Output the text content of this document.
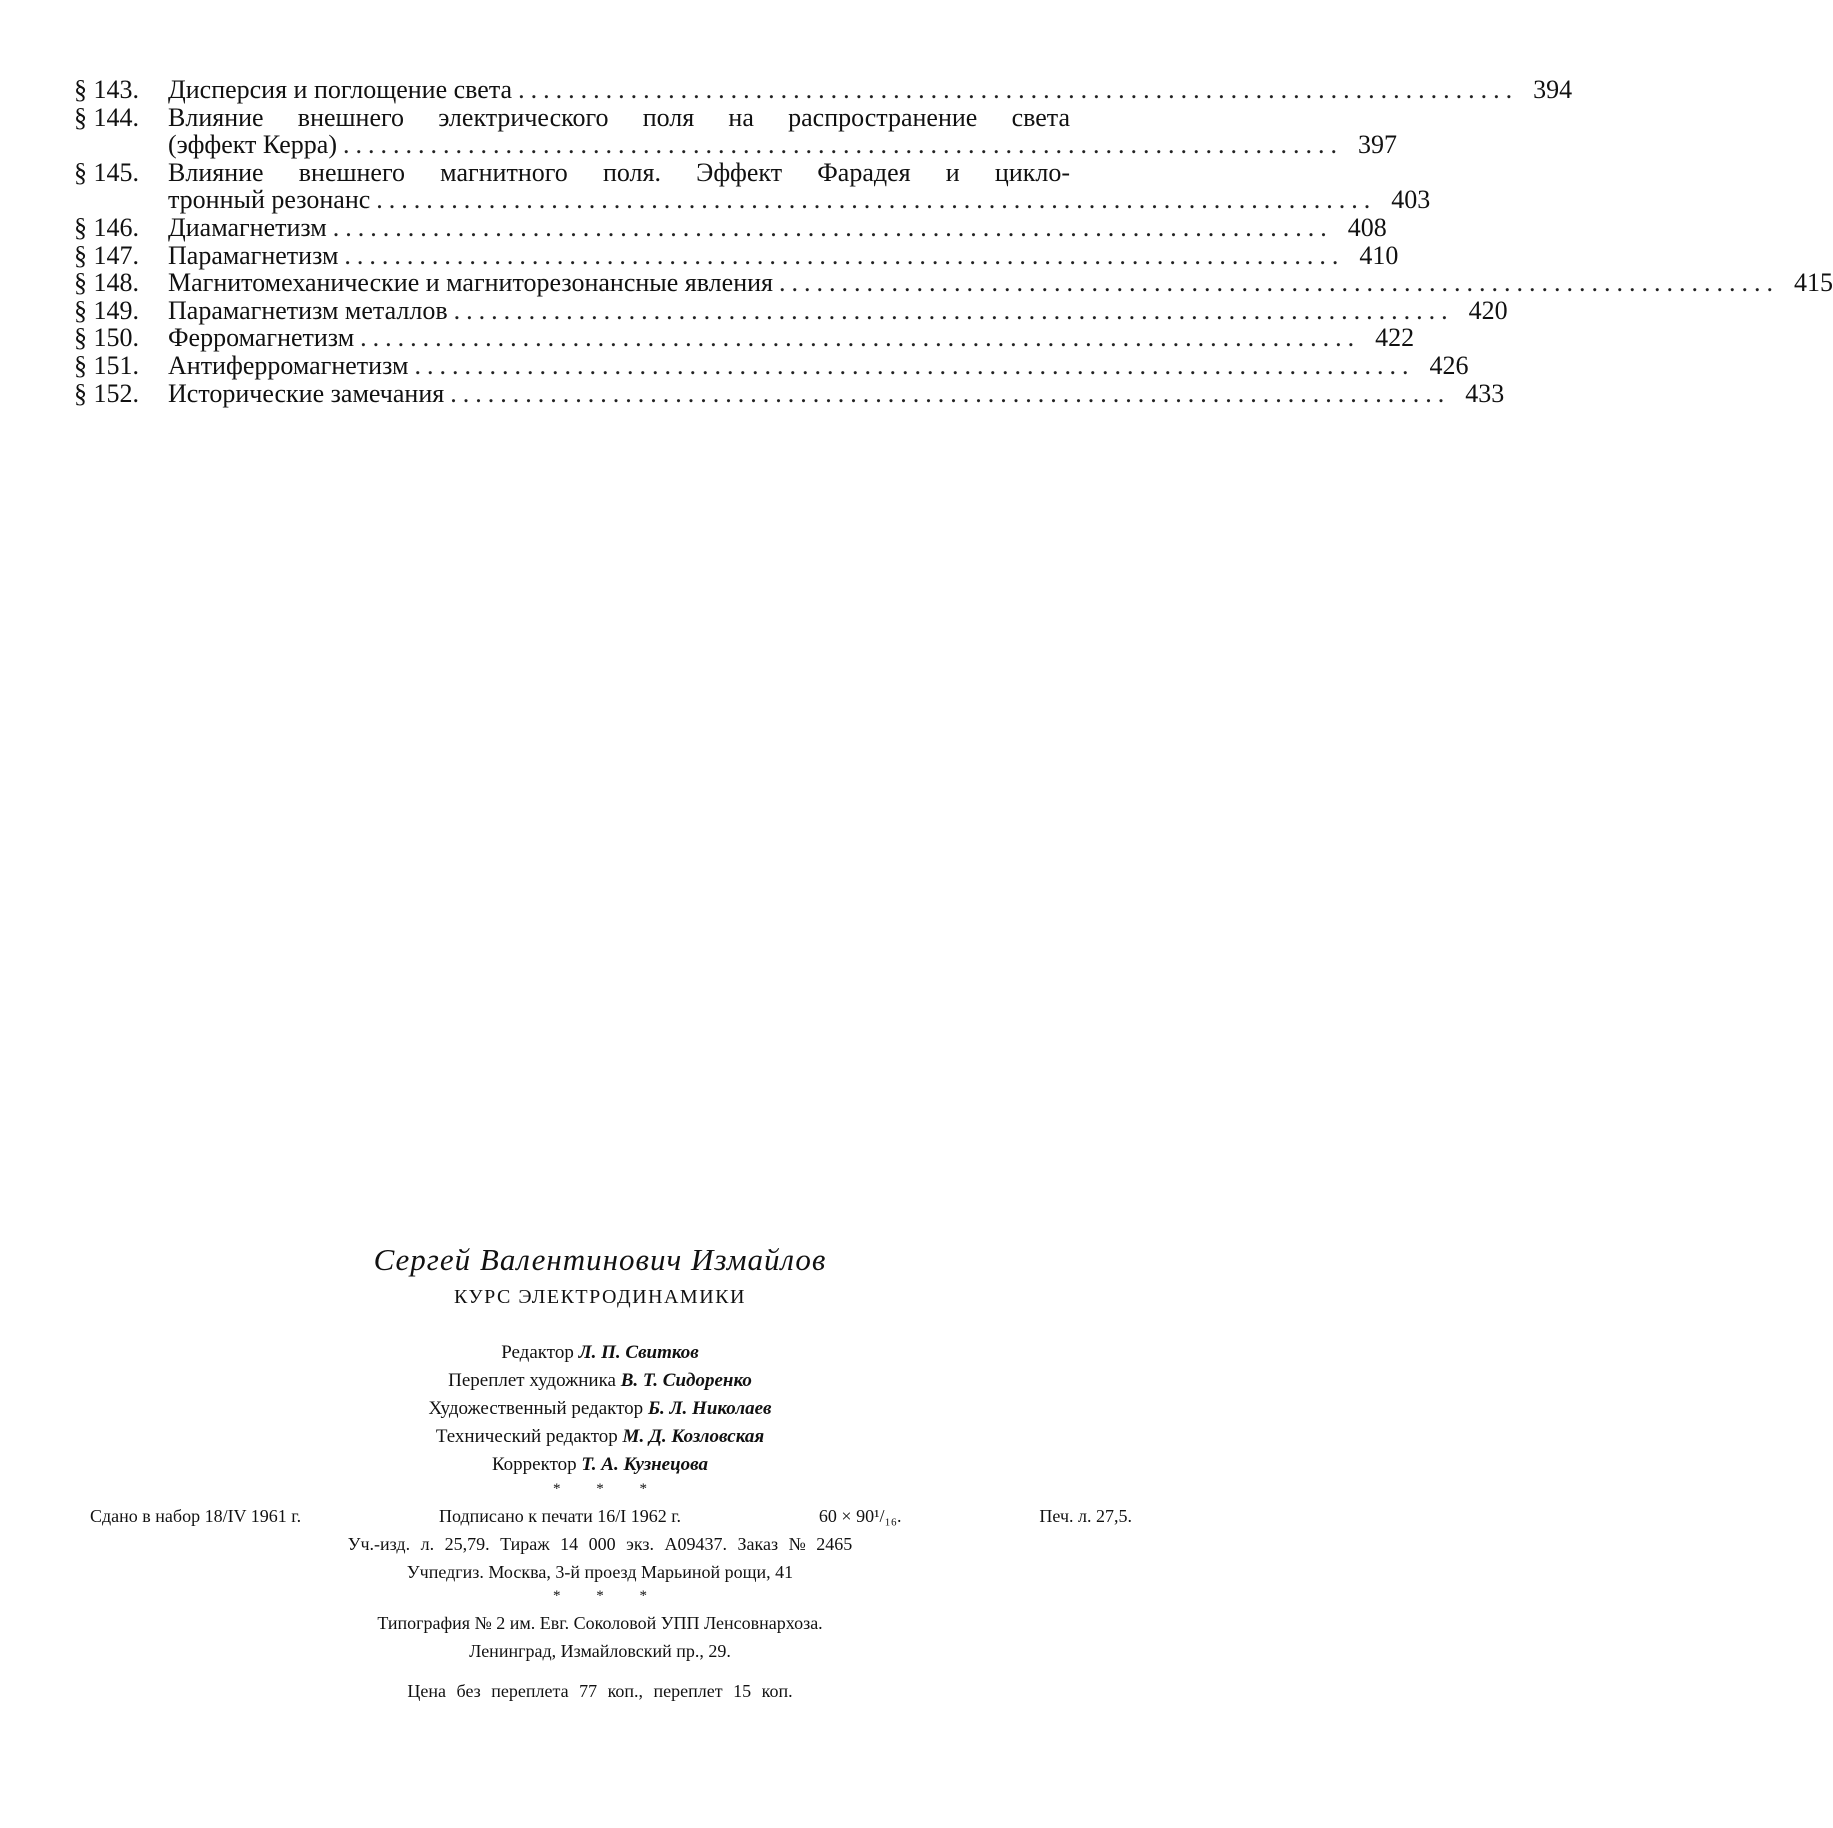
§ 143. Дисперсия и поглощение света ................................................................................ 394
§ 144. Влияние внешнего электрического поля на распространение света
(эффект Керра) ................................................................................ 397
§ 145. Влияние внешнего магнитного поля. Эффект Фарадея и цикло-
тронный резонанс ................................................................................ 403
§ 146. Диамагнетизм ................................................................................ 408
§ 147. Парамагнетизм ................................................................................ 410
§ 148. Магнитомеханические и магниторезонансные явления ................................................................................ 415
§ 149. Парамагнетизм металлов ................................................................................ 420
§ 150. Ферромагнетизм ................................................................................ 422
§ 151. Антиферромагнетизм ................................................................................ 426
§ 152. Исторические замечания ................................................................................ 433
Сергей Валентинович Измайлов
КУРС ЭЛЕКТРОДИНАМИКИ
Редактор Л. П. Свитков
Переплет художника В. Т. Сидоренко
Художественный редактор Б. Л. Николаев
Технический редактор М. Д. Козловская
Корректор Т. А. Кузнецова
* * *
Сдано в набор 18/IV 1961 г.	Подписано к печати 16/I 1962 г.	60 × 90¹/₁₆.	Печ. л. 27,5.
Уч.-изд. л. 25,79. Тираж 14 000 экз. А09437. Заказ № 2465
Учпедгиз. Москва, 3-й проезд Марьиной рощи, 41
* * *
Типография № 2 им. Евг. Соколовой УПП Ленсовнархоза.
Ленинград, Измайловский пр., 29.
Цена без переплета 77 коп., переплет 15 коп.
